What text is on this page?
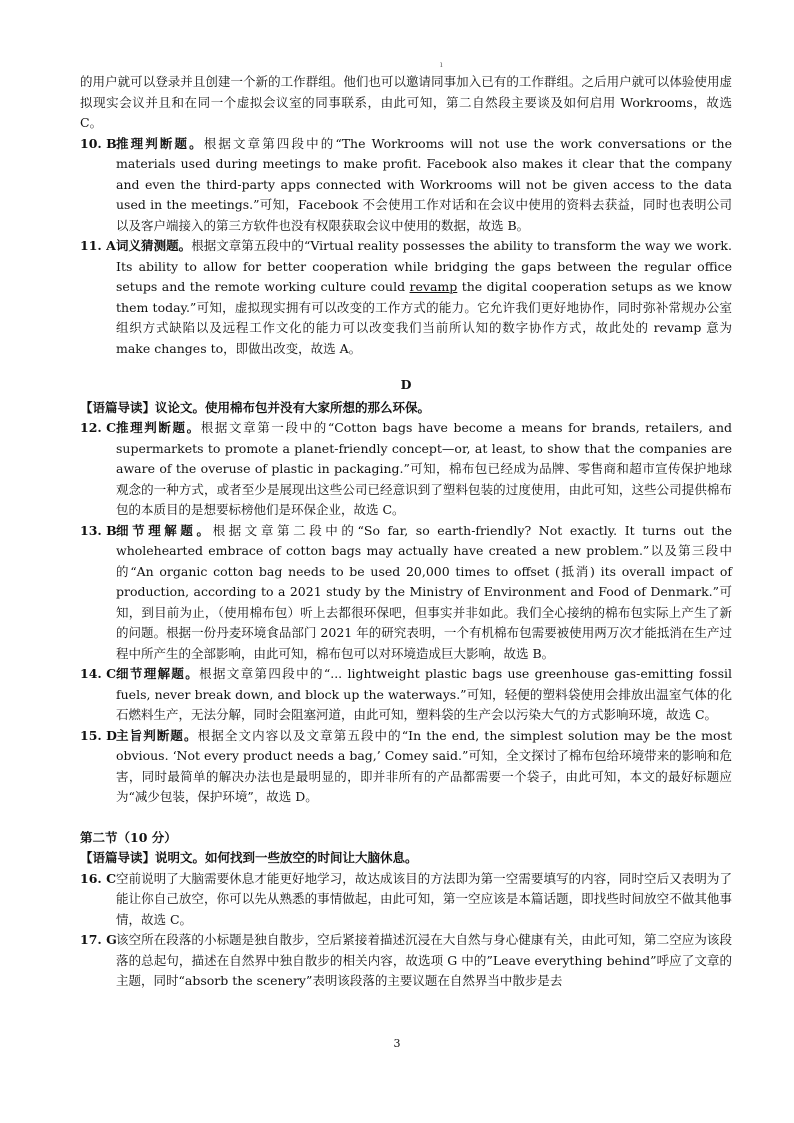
ı

的用户就可以登录并且创建一个新的工作群组。他们也可以邀请同事加入已有的工作群组。之后用户就可以体验使用虚拟现实会议并且和在同一个虚拟会议室的同事联系，由此可知，第二自然段主要谈及如何启用 Workrooms，故选 C。

10. B 推理判断题。根据文章第四段中的“The Workrooms will not use the work conversations or the materials used during meetings to make profit. Facebook also makes it clear that the company and even the third-party apps connected with Workrooms will not be given access to the data used in the meetings.”可知，Facebook 不会使用工作对话和在会议中使用的资料去获益，同时也表明公司以及客户端接入的第三方软件也没有权限获取会议中使用的数据，故选 B。
11. A 词义猜测题。根据文章第五段中的“Virtual reality possesses the ability to transform the way we work. Its ability to allow for better cooperation while bridging the gaps between the regular office setups and the remote working culture could revamp the digital cooperation setups as we know them today.”可知，虚拟现实拥有可以改变的工作方式的能力。它允许我们更好地协作，同时弥补常规办公室组织方式缺陷以及远程工作文化的能力可以改变我们当前所认知的数字协作方式，故此处的 revamp 意为 make changes to，即做出改变，故选 A。
D

【语篇导读】议论文。使用棉布包并没有大家所想的那么环保。

12. C 推理判断题。根据文章第一段中的“Cotton bags have become a means for brands, retailers, and supermarkets to promote a planet-friendly concept—or, at least, to show that the companies are aware of the overuse of plastic in packaging.”可知，棉布包已经成为品牌、零售商和超市宣传保护地球观念的一种方式，或者至少是展现出这些公司已经意识到了塑料包装的过度使用，由此可知，这些公司提供棉布包的本质目的是想要标榜他们是环保企业，故选 C。
13. B 细节理解题。根据文章第二段中的“So far, so earth-friendly? Not exactly. It turns out the wholehearted embrace of cotton bags may actually have created a new problem.”以及第三段中的“An organic cotton bag needs to be used 20,000 times to offset (抵消) its overall impact of production, according to a 2021 study by the Ministry of Environment and Food of Denmark.”可知，到目前为止，（使用棉布包）听上去都很环保吧，但事实并非如此。我们全心接纳的棉布包实际上产生了新的问题。根据一份丹麦环境食品部门 2021 年的研究表明，一个有机棉布包需要被使用两万次才能抵消在生产过程中所产生的全部影响，由此可知，棉布包可以对环境造成巨大影响，故选 B。
14. C 细节理解题。根据文章第四段中的“... lightweight plastic bags use greenhouse gas-emitting fossil fuels, never break down, and block up the waterways.”可知，轻便的塑料袋使用会排放出温室气体的化石燃料生产，无法分解，同时会阻塞河道，由此可知，塑料袋的生产会以污染大气的方式影响环境，故选 C。
15. D 主旨判断题。根据全文内容以及文章第五段中的“In the end, the simplest solution may be the most obvious. ‘Not every product needs a bag,’ Comey said.”可知，全文探讨了棉布包给环境带来的影响和危害，同时最简单的解决办法也是最明显的，即并非所有的产品都需要一个袋子，由此可知，本文的最好标题应为“减少包装，保护环境”，故选 D。

第二节（10 分）

【语篇导读】说明文。如何找到一些放空的时间让大脑休息。

16. C 空前说明了大脑需要休息才能更好地学习，故达成该目的方法即为第一空需要填写的内容，同时空后又表明为了能让你自己放空，你可以先从熟悉的事情做起，由此可知，第一空应该是本篇话题，即找些时间放空不做其他事情，故选 C。
17. G 该空所在段落的小标题是独自散步，空后紧接着描述沉浸在大自然与身心健康有关，由此可知，第二空应为该段落的总起句，描述在自然界中独自散步的相关内容，故选项 G 中的”Leave everything behind”呼应了文章的主题，同时“absorb the scenery”表明该段落的主要议题在自然界当中散步是去
3
